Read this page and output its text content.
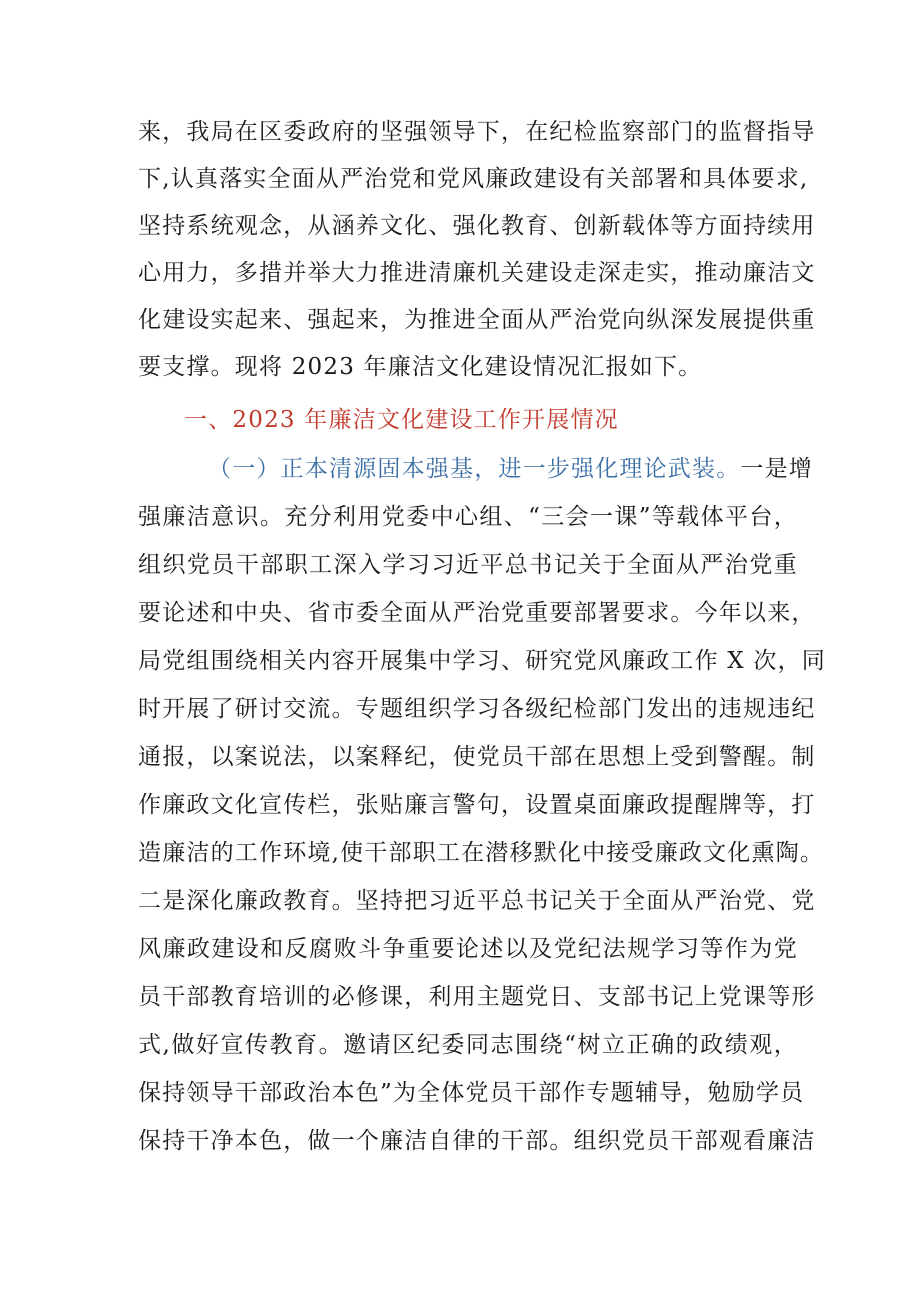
来，我局在区委政府的坚强领导下，在纪检监察部门的监督指导
下,认真落实全面从严治党和党风廉政建设有关部署和具体要求,
坚持系统观念，从涵养文化、强化教育、创新载体等方面持续用
心用力，多措并举大力推进清廉机关建设走深走实，推动廉洁文
化建设实起来、强起来，为推进全面从严治党向纵深发展提供重
要支撑。现将 2023 年廉洁文化建设情况汇报如下。
一、2023 年廉洁文化建设工作开展情况
（一）正本清源固本强基，进一步强化理论武装。一是增
强廉洁意识。充分利用党委中心组、“三会一课”等载体平台，
组织党员干部职工深入学习习近平总书记关于全面从严治党重
要论述和中央、省市委全面从严治党重要部署要求。今年以来，
局党组围绕相关内容开展集中学习、研究党风廉政工作 X 次，同
时开展了研讨交流。专题组织学习各级纪检部门发出的违规违纪
通报，以案说法，以案释纪，使党员干部在思想上受到警醒。制
作廉政文化宣传栏，张贴廉言警句，设置桌面廉政提醒牌等，打
造廉洁的工作环境,使干部职工在潜移默化中接受廉政文化熏陶。
二是深化廉政教育。坚持把习近平总书记关于全面从严治党、党
风廉政建设和反腐败斗争重要论述以及党纪法规学习等作为党
员干部教育培训的必修课，利用主题党日、支部书记上党课等形
式,做好宣传教育。邀请区纪委同志围绕“树立正确的政绩观，
保持领导干部政治本色”为全体党员干部作专题辅导，勉励学员
保持干净本色，做一个廉洁自律的干部。组织党员干部观看廉洁
